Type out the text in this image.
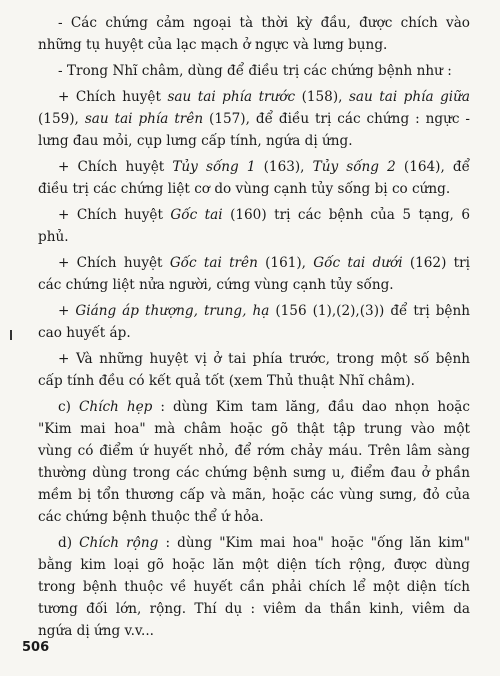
- Các chứng cảm ngoại tà thời kỳ đầu, được chích vào
những tụ huyệt của lạc mạch ở ngực và lưng bụng.
- Trong Nhĩ châm, dùng để điều trị các chứng bệnh như :
+ Chích huyệt sau tai phía trước (158), sau tai phía giữa
(159), sau tai phía trên (157), để điều trị các chứng : ngực -
lưng đau mỏi, cụp lưng cấp tính, ngứa dị ứng.
+ Chích huyệt Tủy sống 1 (163), Tủy sống 2 (164), để
điều trị các chứng liệt cơ do vùng cạnh tủy sống bị co cứng.
+ Chích huyệt Gốc tai (160) trị các bệnh của 5 tạng, 6
phủ.
+ Chích huyệt Gốc tai trên (161), Gốc tai dưới (162) trị
các chứng liệt nửa người, cứng vùng cạnh tủy sống.
+ Giáng áp thượng, trung, hạ (156 (1),(2),(3)) để trị bệnh
cao huyết áp.
+ Và những huyệt vị ở tai phía trước, trong một số bệnh
cấp tính đều có kết quả tốt (xem Thủ thuật Nhĩ châm).
c) Chích hẹp : dùng Kim tam lăng, đầu dao nhọn hoặc
"Kim mai hoa" mà châm hoặc gõ thật tập trung vào một
vùng có điểm ứ huyết nhỏ, để rớm chảy máu. Trên lâm sàng
thường dùng trong các chứng bệnh sưng u, điểm đau ở phần
mềm bị tổn thương cấp và mãn, hoặc các vùng sưng, đỏ của
các chứng bệnh thuộc thể ứ hỏa.
d) Chích rộng : dùng "Kim mai hoa" hoặc "ống lăn kim"
bằng kim loại gõ hoặc lăn một diện tích rộng, được dùng
trong bệnh thuộc về huyết cần phải chích lể một diện tích
tương đối lớn, rộng. Thí dụ : viêm da thần kinh, viêm da
ngứa dị ứng v.v...
506
